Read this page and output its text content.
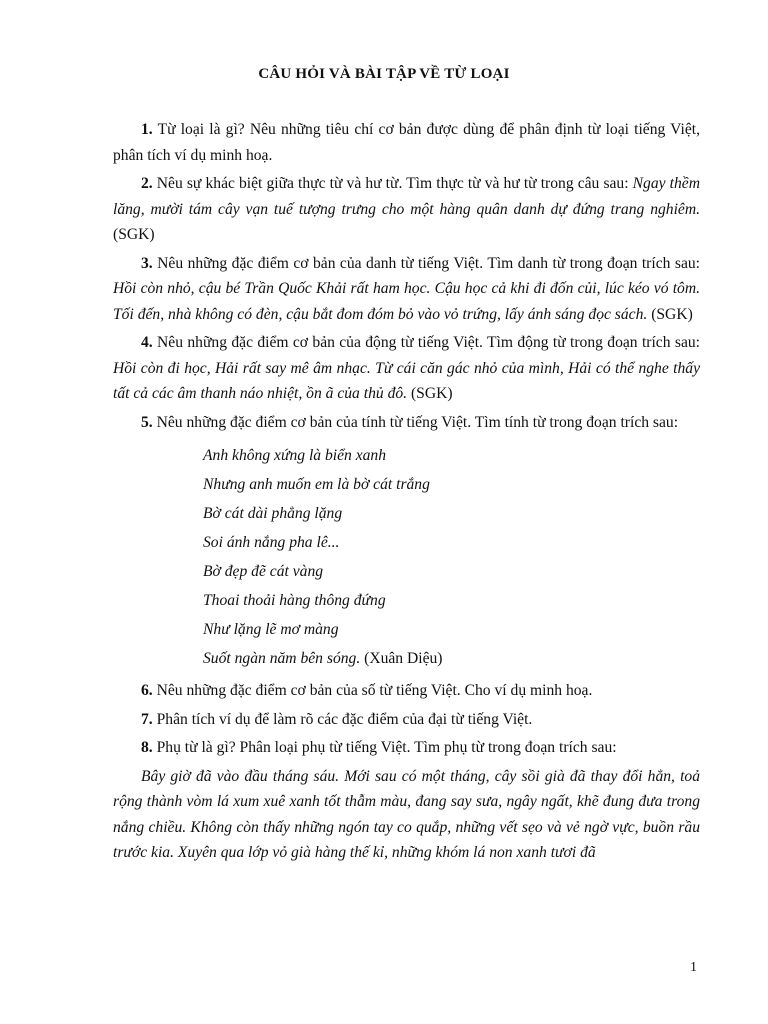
CÂU HỎI VÀ BÀI TẬP VỀ TỪ LOẠI

1. Từ loại là gì? Nêu những tiêu chí cơ bản được dùng để phân định từ loại tiếng Việt, phân tích ví dụ minh hoạ.

2. Nêu sự khác biệt giữa thực từ và hư từ. Tìm thực từ và hư từ trong câu sau: Ngay thềm lăng, mười tám cây vạn tuế tượng trưng cho một hàng quân danh dự đứng trang nghiêm. (SGK)

3. Nêu những đặc điểm cơ bản của danh từ tiếng Việt. Tìm danh từ trong đoạn trích sau: Hồi còn nhỏ, cậu bé Trần Quốc Khải rất ham học. Cậu học cả khi đi đốn củi, lúc kéo vó tôm. Tối đến, nhà không có đèn, cậu bắt đom đóm bỏ vào vỏ trứng, lấy ánh sáng đọc sách. (SGK)

4. Nêu những đặc điểm cơ bản của động từ tiếng Việt. Tìm động từ trong đoạn trích sau: Hồi còn đi học, Hải rất say mê âm nhạc. Từ cái căn gác nhỏ của mình, Hải có thể nghe thấy tất cả các âm thanh náo nhiệt, ồn ã của thủ đô. (SGK)

5. Nêu những đặc điểm cơ bản của tính từ tiếng Việt. Tìm tính từ trong đoạn trích sau:

Anh không xứng là biển xanh
Nhưng anh muốn em là bờ cát trắng
Bờ cát dài phẳng lặng
Soi ánh nắng pha lê...
Bờ đẹp đẽ cát vàng
Thoai thoải hàng thông đứng
Như lặng lẽ mơ màng
Suốt ngàn năm bên sóng. (Xuân Diệu)

6. Nêu những đặc điểm cơ bản của số từ tiếng Việt. Cho ví dụ minh hoạ.

7. Phân tích ví dụ để làm rõ các đặc điểm của đại từ tiếng Việt.

8. Phụ từ là gì? Phân loại phụ từ tiếng Việt. Tìm phụ từ trong đoạn trích sau:

Bây giờ đã vào đầu tháng sáu. Mới sau có một tháng, cây sồi già đã thay đổi hẳn, toả rộng thành vòm lá xum xuê xanh tốt thẫm màu, đang say sưa, ngây ngất, khẽ đung đưa trong nắng chiều. Không còn thấy những ngón tay co quắp, những vết sẹo và vẻ ngờ vực, buồn rầu trước kia. Xuyên qua lớp vỏ già hàng thế kỉ, những khóm lá non xanh tươi đã

1
